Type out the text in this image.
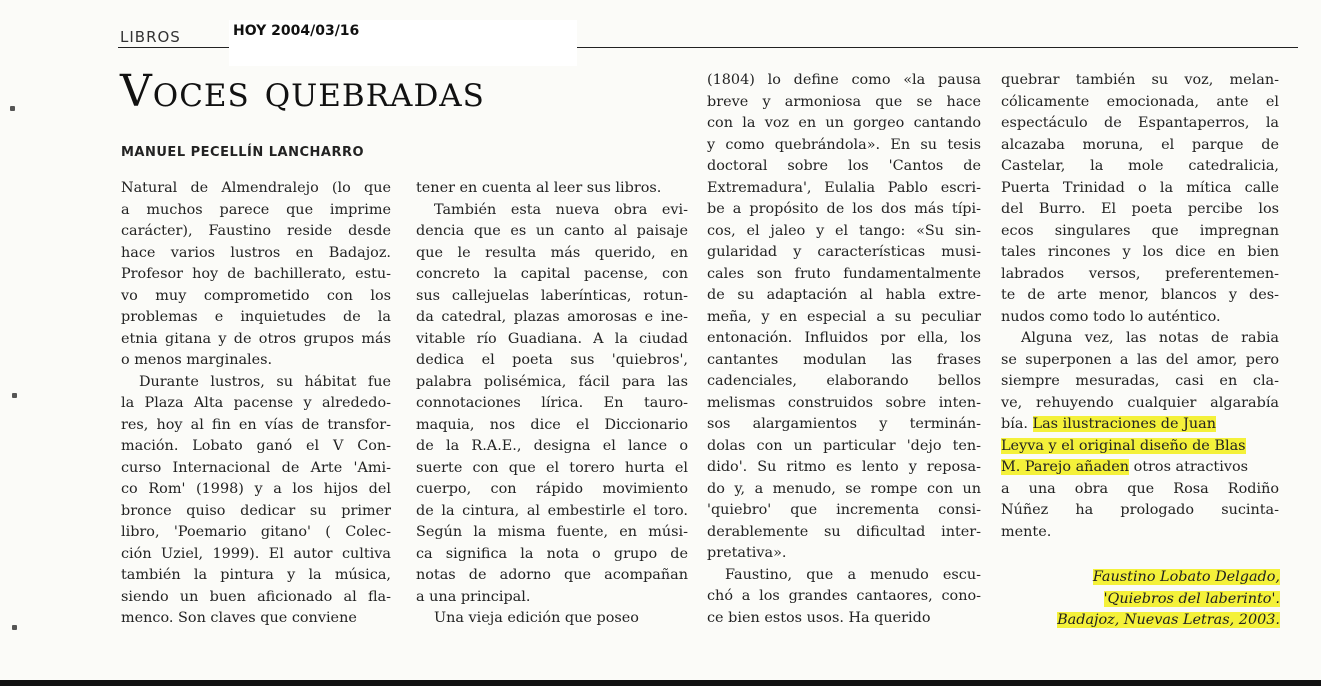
LIBROS	HOY 2004/03/16
Voces quebradas
MANUEL PECELLÍN LANCHARRO
Natural de Almendralejo (lo que
a muchos parece que imprime
carácter), Faustino reside desde
hace varios lustros en Badajoz.
Profesor hoy de bachillerato, estu-
vo muy comprometido con los
problemas e inquietudes de la
etnia gitana y de otros grupos más
o menos marginales.
Durante lustros, su hábitat fue
la Plaza Alta pacense y alrededo-
res, hoy al fin en vías de transfor-
mación. Lobato ganó el V Con-
curso Internacional de Arte 'Ami-
co Rom' (1998) y a los hijos del
bronce quiso dedicar su primer
libro, 'Poemario gitano' ( Colec-
ción Uziel, 1999). El autor cultiva
también la pintura y la música,
siendo un buen aficionado al fla-
menco. Son claves que conviene
tener en cuenta al leer sus libros.
También esta nueva obra evi-
dencia que es un canto al paisaje
que le resulta más querido, en
concreto la capital pacense, con
sus callejuelas laberínticas, rotun-
da catedral, plazas amorosas e ine-
vitable río Guadiana. A la ciudad
dedica el poeta sus 'quiebros',
palabra polisémica, fácil para las
connotaciones lírica. En tauro-
maquia, nos dice el Diccionario
de la R.A.E., designa el lance o
suerte con que el torero hurta el
cuerpo, con rápido movimiento
de la cintura, al embestirle el toro.
Según la misma fuente, en músi-
ca significa la nota o grupo de
notas de adorno que acompañan
a una principal.
Una vieja edición que poseo
(1804) lo define como «la pausa
breve y armoniosa que se hace
con la voz en un gorgeo cantando
y como quebrándola». En su tesis
doctoral sobre los 'Cantos de
Extremadura', Eulalia Pablo escri-
be a propósito de los dos más típi-
cos, el jaleo y el tango: «Su sin-
gularidad y características musi-
cales son fruto fundamentalmente
de su adaptación al habla extre-
meña, y en especial a su peculiar
entonación. Influidos por ella, los
cantantes modulan las frases
cadenciales, elaborando bellos
melismas construidos sobre inten-
sos alargamientos y terminán-
dolas con un particular 'dejo ten-
dido'. Su ritmo es lento y reposa-
do y, a menudo, se rompe con un
'quiebro' que incrementa consi-
derablemente su dificultad inter-
pretativa».
Faustino, que a menudo escu-
chó a los grandes cantaores, cono-
ce bien estos usos. Ha querido
quebrar también su voz, melan-
cólicamente emocionada, ante el
espectáculo de Espantaperros, la
alcazaba moruna, el parque de
Castelar, la mole catedralicia,
Puerta Trinidad o la mítica calle
del Burro. El poeta percibe los
ecos singulares que impregnan
tales rincones y los dice en bien
labrados versos, preferentemen-
te de arte menor, blancos y des-
nudos como todo lo auténtico.
Alguna vez, las notas de rabia
se superponen a las del amor, pero
siempre mesuradas, casi en cla-
ve, rehuyendo cualquier algarabía
bía. Las ilustraciones de Juan
Leyva y el original diseño de Blas
M. Parejo añaden otros atractivos
a una obra que Rosa Rodiño
Núñez ha prologado sucinta-
mente.
Faustino Lobato Delgado,
'Quiebros del laberinto'.
Badajoz, Nuevas Letras, 2003.
